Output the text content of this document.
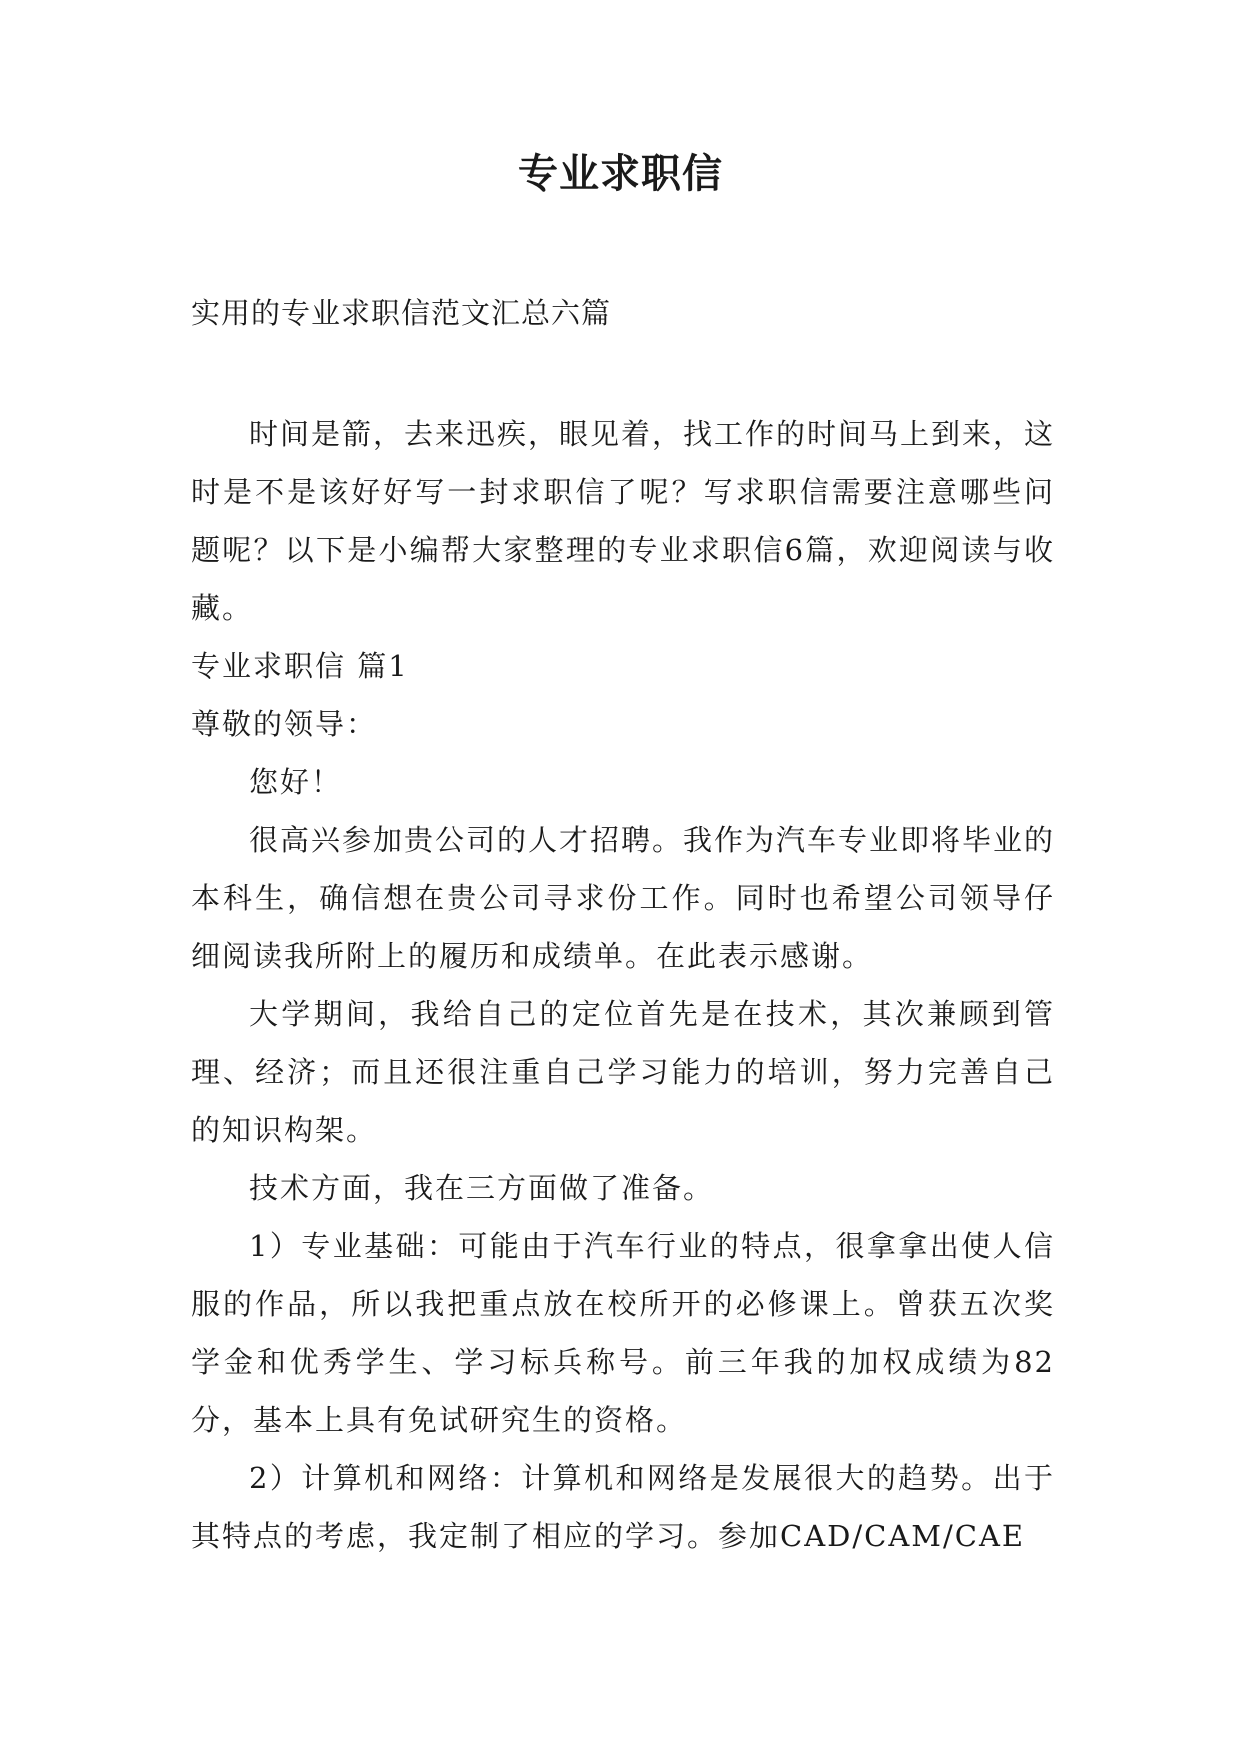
专业求职信

实用的专业求职信范文汇总六篇

时间是箭，去来迅疾，眼见着，找工作的时间马上到来，这时是不是该好好写一封求职信了呢？写求职信需要注意哪些问题呢？以下是小编帮大家整理的专业求职信6篇，欢迎阅读与收藏。

专业求职信 篇1

尊敬的领导：

您好！

很高兴参加贵公司的人才招聘。我作为汽车专业即将毕业的本科生，确信想在贵公司寻求份工作。同时也希望公司领导仔细阅读我所附上的履历和成绩单。在此表示感谢。

大学期间，我给自己的定位首先是在技术，其次兼顾到管理、经济；而且还很注重自己学习能力的培训，努力完善自己的知识构架。

技术方面，我在三方面做了准备。

1）专业基础：可能由于汽车行业的特点，很拿拿出使人信服的作品，所以我把重点放在校所开的必修课上。曾获五次奖学金和优秀学生、学习标兵称号。前三年我的加权成绩为82分，基本上具有免试研究生的资格。

2）计算机和网络：计算机和网络是发展很大的趋势。出于其特点的考虑，我定制了相应的学习。参加CAD/CAM/CAE
